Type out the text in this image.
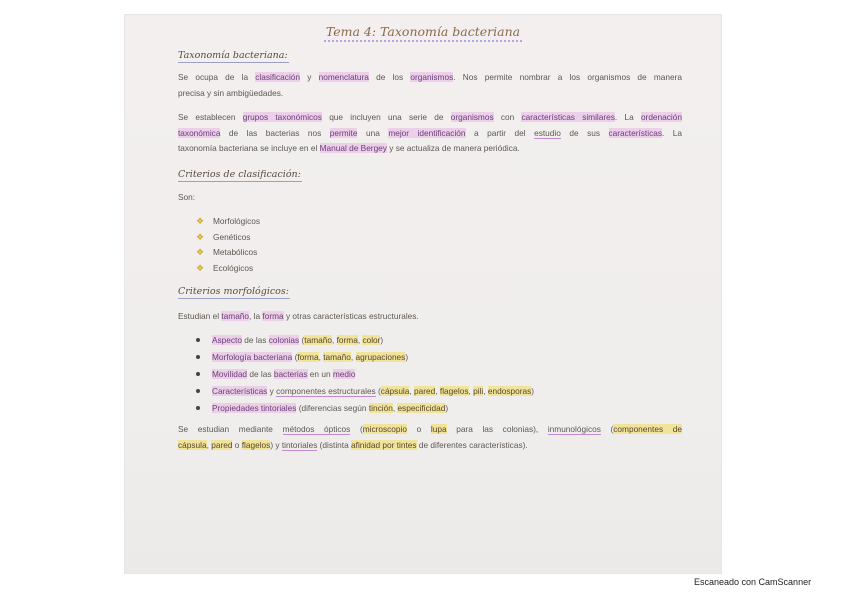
Tema 4: Taxonomía bacteriana
Taxonomía bacteriana:
Se ocupa de la clasificación y nomenclatura de los organismos. Nos permite nombrar a los organismos de manera
precisa y sin ambigüedades.
Se establecen grupos taxonómicos que incluyen una serie de organismos con características similares. La ordenación
taxonómica de las bacterias nos permite una mejor identificación a partir del estudio de sus características. La
taxonomía bacteriana se incluye en el Manual de Bergey y se actualiza de manera periódica.
Criterios de clasificación:
Son:
❖ Morfológicos
❖ Genéticos
❖ Metabólicos
❖ Ecológicos
Criterios morfológicos:
Estudian el tamaño, la forma y otras características estructurales.
Aspecto de las colonias (tamaño, forma, color)
Morfología bacteriana (forma, tamaño, agrupaciones)
Movilidad de las bacterias en un medio
Características y componentes estructurales (cápsula, pared, flagelos, pili, endosporas)
Propiedades tintoriales (diferencias según tinción, especificidad)
Se estudian mediante métodos ópticos (microscopio o lupa para las colonias), inmunológicos (componentes de
cápsula, pared o flagelos) y tintoriales (distinta afinidad por tintes de diferentes características).
Escaneado con CamScanner
